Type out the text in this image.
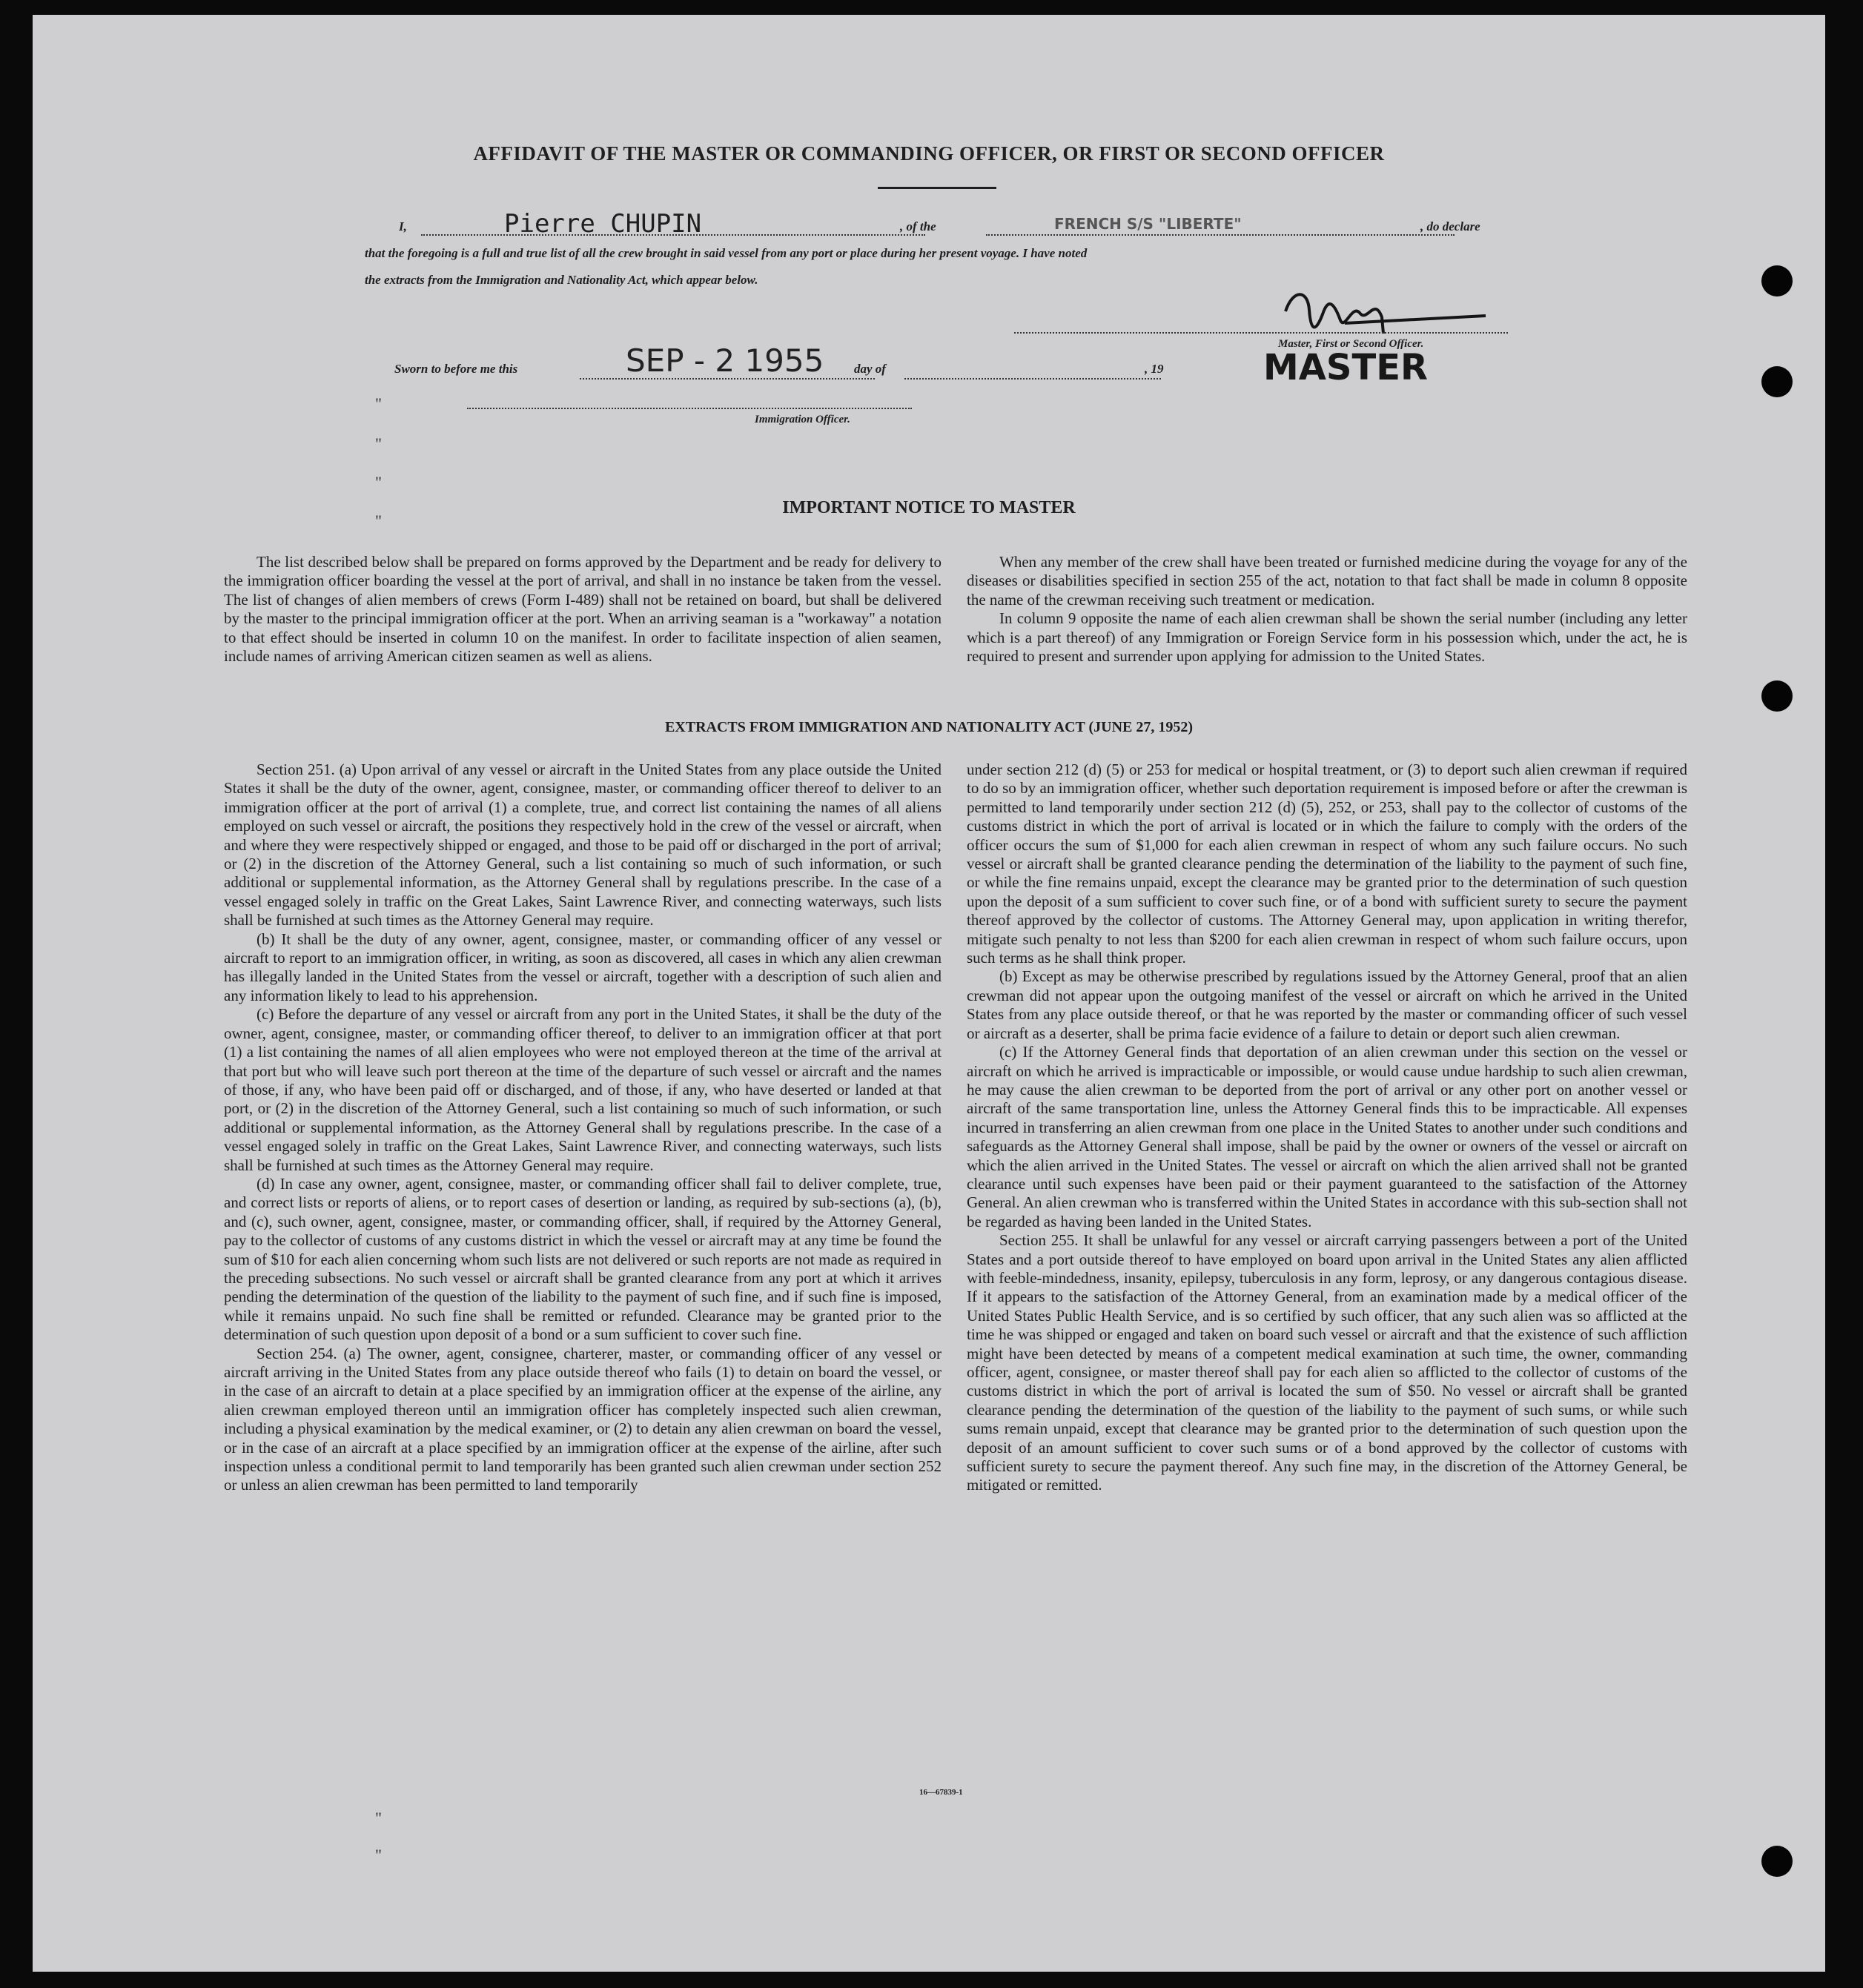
AFFIDAVIT OF THE MASTER OR COMMANDING OFFICER, OR FIRST OR SECOND OFFICER
I,	Pierre CHUPIN	, of the	FRENCH S/S "LIBERTE"	, do declare
that the foregoing is a full and true list of all the crew brought in said vessel from any port or place during her present voyage. I have noted
the extracts from the Immigration and Nationality Act, which appear below.
Master, First or Second Officer.
MASTER
Sworn to before me this	SEP - 2 1955 day of	, 19
Immigration Officer.
"
"
"
"
"
"
IMPORTANT NOTICE TO MASTER

The list described below shall be prepared on forms approved by the Department and be ready for delivery to the immigration officer boarding the vessel at the port of arrival, and shall in no instance be taken from the vessel. The list of changes of alien members of crews (Form I-489) shall not be retained on board, but shall be delivered by the master to the principal immigration officer at the port. When an arriving seaman is a "workaway" a notation to that effect should be inserted in column 10 on the manifest. In order to facilitate inspection of alien seamen, include names of arriving American citizen seamen as well as aliens.

When any member of the crew shall have been treated or furnished medicine during the voyage for any of the diseases or disabilities specified in section 255 of the act, notation to that fact shall be made in column 8 opposite the name of the crewman receiving such treatment or medication.

In column 9 opposite the name of each alien crewman shall be shown the serial number (including any letter which is a part thereof) of any Immigration or Foreign Service form in his possession which, under the act, he is required to present and surrender upon applying for admission to the United States.

EXTRACTS FROM IMMIGRATION AND NATIONALITY ACT (JUNE 27, 1952)

Section 251. (a) Upon arrival of any vessel or aircraft in the United States from any place outside the United States it shall be the duty of the owner, agent, consignee, master, or commanding officer thereof to deliver to an immigration officer at the port of arrival (1) a complete, true, and correct list containing the names of all aliens employed on such vessel or aircraft, the positions they respectively hold in the crew of the vessel or aircraft, when and where they were respectively shipped or engaged, and those to be paid off or discharged in the port of arrival; or (2) in the discretion of the Attorney General, such a list containing so much of such information, or such additional or supplemental information, as the Attorney General shall by regulations prescribe. In the case of a vessel engaged solely in traffic on the Great Lakes, Saint Lawrence River, and connecting waterways, such lists shall be furnished at such times as the Attorney General may require.

(b) It shall be the duty of any owner, agent, consignee, master, or commanding officer of any vessel or aircraft to report to an immigration officer, in writing, as soon as discovered, all cases in which any alien crewman has illegally landed in the United States from the vessel or aircraft, together with a description of such alien and any information likely to lead to his apprehension.

(c) Before the departure of any vessel or aircraft from any port in the United States, it shall be the duty of the owner, agent, consignee, master, or commanding officer thereof, to deliver to an immigration officer at that port (1) a list containing the names of all alien employees who were not employed thereon at the time of the arrival at that port but who will leave such port thereon at the time of the departure of such vessel or aircraft and the names of those, if any, who have been paid off or discharged, and of those, if any, who have deserted or landed at that port, or (2) in the discretion of the Attorney General, such a list containing so much of such information, or such additional or supplemental information, as the Attorney General shall by regulations prescribe. In the case of a vessel engaged solely in traffic on the Great Lakes, Saint Lawrence River, and connecting waterways, such lists shall be furnished at such times as the Attorney General may require.

(d) In case any owner, agent, consignee, master, or commanding officer shall fail to deliver complete, true, and correct lists or reports of aliens, or to report cases of desertion or landing, as required by sub-sections (a), (b), and (c), such owner, agent, consignee, master, or commanding officer, shall, if required by the Attorney General, pay to the collector of customs of any customs district in which the vessel or aircraft may at any time be found the sum of $10 for each alien concerning whom such lists are not delivered or such reports are not made as required in the preceding subsections. No such vessel or aircraft shall be granted clearance from any port at which it arrives pending the determination of the question of the liability to the payment of such fine, and if such fine is imposed, while it remains unpaid. No such fine shall be remitted or refunded. Clearance may be granted prior to the determination of such question upon deposit of a bond or a sum sufficient to cover such fine.

Section 254. (a) The owner, agent, consignee, charterer, master, or commanding officer of any vessel or aircraft arriving in the United States from any place outside thereof who fails (1) to detain on board the vessel, or in the case of an aircraft to detain at a place specified by an immigration officer at the expense of the airline, any alien crewman employed thereon until an immigration officer has completely inspected such alien crewman, including a physical examination by the medical examiner, or (2) to detain any alien crewman on board the vessel, or in the case of an aircraft at a place specified by an immigration officer at the expense of the airline, after such inspection unless a conditional permit to land temporarily has been granted such alien crewman under section 252 or unless an alien crewman has been permitted to land temporarily

under section 212 (d) (5) or 253 for medical or hospital treatment, or (3) to deport such alien crewman if required to do so by an immigration officer, whether such deportation requirement is imposed before or after the crewman is permitted to land temporarily under section 212 (d) (5), 252, or 253, shall pay to the collector of customs of the customs district in which the port of arrival is located or in which the failure to comply with the orders of the officer occurs the sum of $1,000 for each alien crewman in respect of whom any such failure occurs. No such vessel or aircraft shall be granted clearance pending the determination of the liability to the payment of such fine, or while the fine remains unpaid, except the clearance may be granted prior to the determination of such question upon the deposit of a sum sufficient to cover such fine, or of a bond with sufficient surety to secure the payment thereof approved by the collector of customs. The Attorney General may, upon application in writing therefor, mitigate such penalty to not less than $200 for each alien crewman in respect of whom such failure occurs, upon such terms as he shall think proper.

(b) Except as may be otherwise prescribed by regulations issued by the Attorney General, proof that an alien crewman did not appear upon the outgoing manifest of the vessel or aircraft on which he arrived in the United States from any place outside thereof, or that he was reported by the master or commanding officer of such vessel or aircraft as a deserter, shall be prima facie evidence of a failure to detain or deport such alien crewman.

(c) If the Attorney General finds that deportation of an alien crewman under this section on the vessel or aircraft on which he arrived is impracticable or impossible, or would cause undue hardship to such alien crewman, he may cause the alien crewman to be deported from the port of arrival or any other port on another vessel or aircraft of the same transportation line, unless the Attorney General finds this to be impracticable. All expenses incurred in transferring an alien crewman from one place in the United States to another under such conditions and safeguards as the Attorney General shall impose, shall be paid by the owner or owners of the vessel or aircraft on which the alien arrived in the United States. The vessel or aircraft on which the alien arrived shall not be granted clearance until such expenses have been paid or their payment guaranteed to the satisfaction of the Attorney General. An alien crewman who is transferred within the United States in accordance with this sub-section shall not be regarded as having been landed in the United States.

Section 255. It shall be unlawful for any vessel or aircraft carrying passengers between a port of the United States and a port outside thereof to have employed on board upon arrival in the United States any alien afflicted with feeble-mindedness, insanity, epilepsy, tuberculosis in any form, leprosy, or any dangerous contagious disease. If it appears to the satisfaction of the Attorney General, from an examination made by a medical officer of the United States Public Health Service, and is so certified by such officer, that any such alien was so afflicted at the time he was shipped or engaged and taken on board such vessel or aircraft and that the existence of such affliction might have been detected by means of a competent medical examination at such time, the owner, commanding officer, agent, consignee, or master thereof shall pay for each alien so afflicted to the collector of customs of the customs district in which the port of arrival is located the sum of $50. No vessel or aircraft shall be granted clearance pending the determination of the question of the liability to the payment of such sums, or while such sums remain unpaid, except that clearance may be granted prior to the determination of such question upon the deposit of an amount sufficient to cover such sums or of a bond approved by the collector of customs with sufficient surety to secure the payment thereof. Any such fine may, in the discretion of the Attorney General, be mitigated or remitted.

16—67839-1
